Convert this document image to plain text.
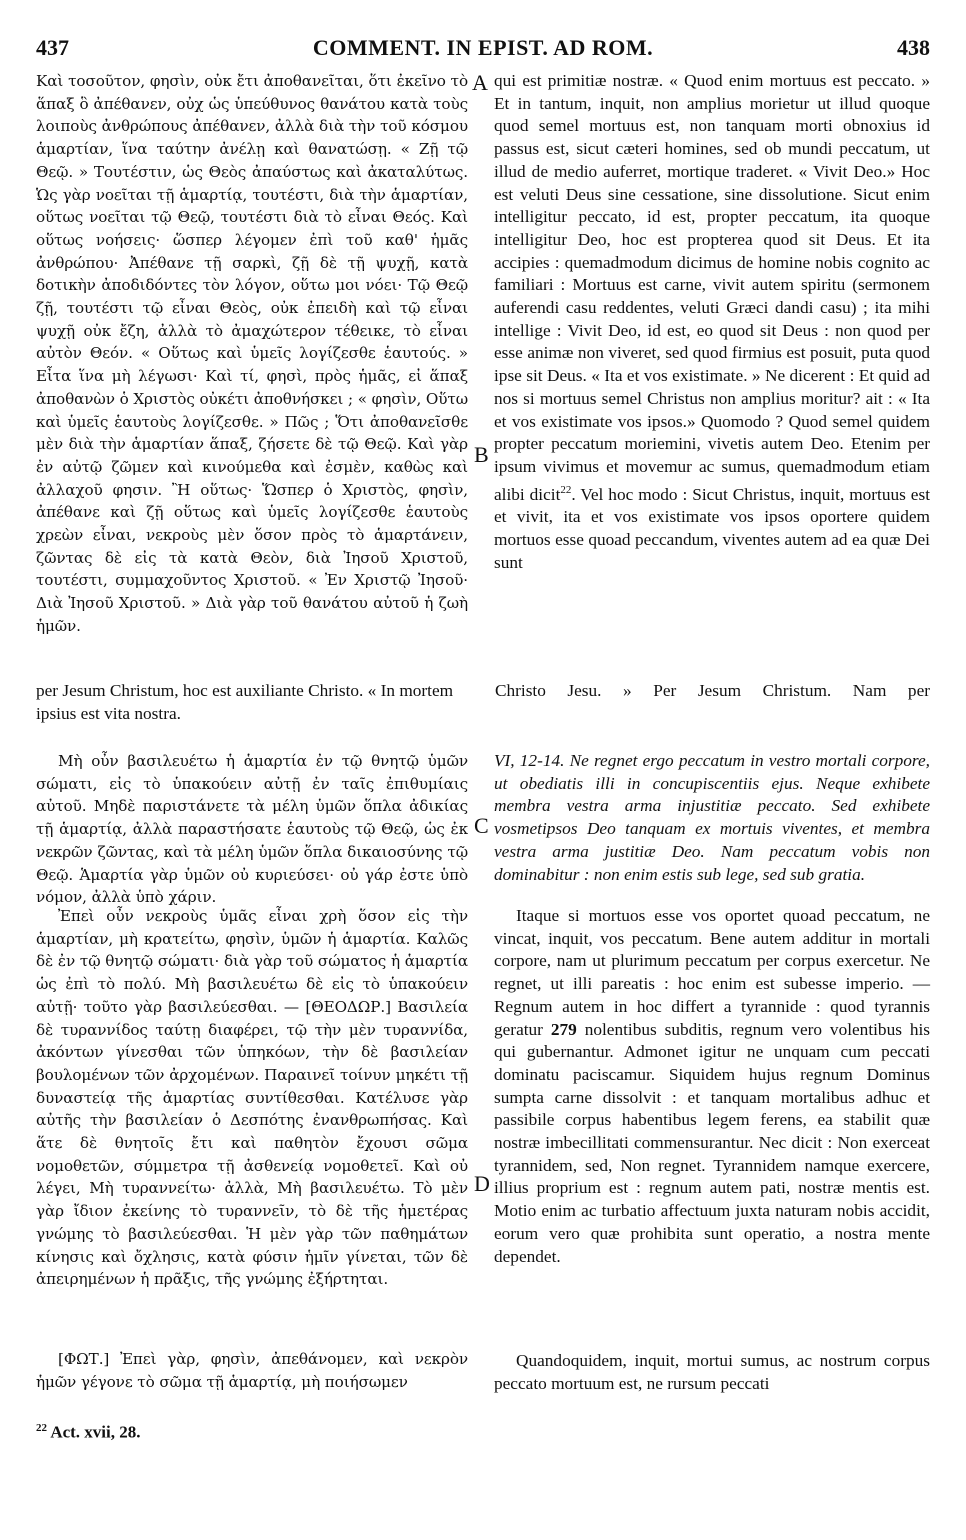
437	COMMENT. IN EPIST. AD ROM.	438

Καὶ τοσοῦτον, φησὶν, οὐκ ἔτι ἀποθανεῖται, ὅτι ἐκεῖνο τὸ ἅπαξ ὃ ἀπέθανεν, οὐχ ὡς ὑπεύθυνος θανάτου κατὰ τοὺς λοιποὺς ἀνθρώπους ἀπέθανεν, ἀλλὰ διὰ τὴν τοῦ κόσμου ἁμαρτίαν, ἵνα ταύτην ἀνέλῃ καὶ θανατώσῃ. « Ζῇ τῷ Θεῷ. » Τουτέστιν, ὡς Θεὸς ἀπαύστως καὶ ἀκαταλύτως. Ὡς γὰρ νοεῖται τῇ ἁμαρτίᾳ, τουτέστι, διὰ τὴν ἁμαρτίαν, οὕτως νοεῖται τῷ Θεῷ, τουτέστι διὰ τὸ εἶναι Θεός. Καὶ οὕτως νοήσεις· ὥσπερ λέγομεν ἐπὶ τοῦ καθ' ἡμᾶς ἀνθρώπου· Ἀπέθανε τῇ σαρκὶ, ζῇ δὲ τῇ ψυχῇ, κατὰ δοτικὴν ἀποδιδόντες τὸν λόγον, οὕτω μοι νόει· Τῷ Θεῷ ζῇ, τουτέστι τῷ εἶναι Θεὸς, οὐκ ἐπειδὴ καὶ τῷ εἶναι ψυχῇ οὐκ ἔζη, ἀλλὰ τὸ ἀμαχώτερον τέθεικε, τὸ εἶναι αὐτὸν Θεόν. « Οὕτως καὶ ὑμεῖς λογίζεσθε ἑαυτούς. » Εἶτα ἵνα μὴ λέγωσι· Καὶ τί, φησὶ, πρὸς ἡμᾶς, εἰ ἅπαξ ἀποθανὼν ὁ Χριστὸς οὐκέτι ἀποθνήσκει ; « φησὶν, Οὕτω καὶ ὑμεῖς ἑαυτοὺς λογίζεσθε. » Πῶς ; Ὅτι ἀποθανεῖσθε μὲν διὰ τὴν ἁμαρτίαν ἅπαξ, ζήσετε δὲ τῷ Θεῷ. Καὶ γὰρ ἐν αὐτῷ ζῶμεν καὶ κινούμεθα καὶ ἐσμὲν, καθὼς καὶ ἀλλαχοῦ φησιν. Ἢ οὕτως· Ὥσπερ ὁ Χριστὸς, φησὶν, ἀπέθανε καὶ ζῇ οὕτως καὶ ὑμεῖς λογίζεσθε ἑαυτοὺς χρεὼν εἶναι, νεκροὺς μὲν ὅσον πρὸς τὸ ἁμαρτάνειν, ζῶντας δὲ εἰς τὰ κατὰ Θεὸν, διὰ Ἰησοῦ Χριστοῦ, τουτέστι, συμμαχοῦντος Χριστοῦ. « Ἐν Χριστῷ Ἰησοῦ· Διὰ Ἰησοῦ Χριστοῦ. » Διὰ γὰρ τοῦ θανάτου αὐτοῦ ἡ ζωὴ ἡμῶν.

qui est primitiæ nostræ. « Quod enim mortuus est peccato. » Et in tantum, inquit, non amplius morietur ut illud quoque quod semel mortuus est, non tanquam morti obnoxius id passus est, sicut cæteri homines, sed ob mundi peccatum, ut illud de medio auferret, mortique traderet. « Vivit Deo.» Hoc est veluti Deus sine cessatione, sine dissolutione. Sicut enim intelligitur peccato, id est, propter peccatum, ita quoque intelligitur Deo, hoc est propterea quod sit Deus. Et ita accipies : quemadmodum dicimus de homine nobis cognito ac familiari : Mortuus est carne, vivit autem spiritu (sermonem auferendi casu reddentes, veluti Græci dandi casu) ; ita mihi intellige : Vivit Deo, id est, eo quod sit Deus : non quod per esse animæ non viveret, sed quod firmius est posuit, puta quod ipse sit Deus. « Ita et vos existimate. » Ne dicerent : Et quid ad nos si mortuus semel Christus non amplius moritur? ait : « Ita et vos existimate vos ipsos.» Quomodo ? Quod semel quidem propter peccatum moriemini, vivetis autem Deo. Etenim per ipsum vivimus et movemur ac sumus, quemadmodum etiam alibi dicit$^{22}$. Vel hoc modo : Sicut Christus, inquit, mortuus est et vivit, ita et vos existimate vos ipsos oportere quidem mortuos esse quoad peccandum, viventes autem ad ea quæ Dei sunt

per Jesum Christum, hoc est auxiliante Christo. « In mortem ipsius est vita nostra.
Christo Jesu. » Per Jesum Christum. Nam per

Μὴ οὖν βασιλευέτω ἡ ἁμαρτία ἐν τῷ θνητῷ ὑμῶν σώματι, εἰς τὸ ὑπακούειν αὐτῇ ἐν ταῖς ἐπιθυμίαις αὐτοῦ. Μηδὲ παριστάνετε τὰ μέλη ὑμῶν ὅπλα ἀδικίας τῇ ἁμαρτίᾳ, ἀλλὰ παραστήσατε ἑαυτοὺς τῷ Θεῷ, ὡς ἐκ νεκρῶν ζῶντας, καὶ τὰ μέλη ὑμῶν ὅπλα δικαιοσύνης τῷ Θεῷ. Ἁμαρτία γὰρ ὑμῶν οὐ κυριεύσει· οὐ γάρ ἐστε ὑπὸ νόμον, ἀλλὰ ὑπὸ χάριν.

VI, 12-14. Ne regnet ergo peccatum in vestro mortali corpore, ut obediatis illi in concupiscentiis ejus. Neque exhibete membra vestra arma injustitiæ peccato. Sed exhibete vosmetipsos Deo tanquam ex mortuis viventes, et membra vestra arma justitiæ Deo. Nam peccatum vobis non dominabitur : non enim estis sub lege, sed sub gratia.

Ἐπεὶ οὖν νεκροὺς ὑμᾶς εἶναι χρὴ ὅσον εἰς τὴν ἁμαρτίαν, μὴ κρατείτω, φησὶν, ὑμῶν ἡ ἁμαρτία. Καλῶς δὲ ἐν τῷ θνητῷ σώματι· διὰ γὰρ τοῦ σώματος ἡ ἁμαρτία ὡς ἐπὶ τὸ πολύ. Μὴ βασιλευέτω δὲ εἰς τὸ ὑπακούειν αὐτῇ· τοῦτο γὰρ βασιλεύεσθαι. — [ΘΕΟΔΩΡ.] Βασιλεία δὲ τυραννίδος ταύτῃ διαφέρει, τῷ τὴν μὲν τυραννίδα, ἀκόντων γίνεσθαι τῶν ὑπηκόων, τὴν δὲ βασιλείαν βουλομένων τῶν ἀρχομένων. Παραινεῖ τοίνυν μηκέτι τῇ δυναστείᾳ τῆς ἁμαρτίας συντίθεσθαι. Κατέλυσε γὰρ αὐτῆς τὴν βασιλείαν ὁ Δεσπότης ἐνανθρωπήσας. Καὶ ἅτε δὲ θνητοῖς ἔτι καὶ παθητὸν ἔχουσι σῶμα νομοθετῶν, σύμμετρα τῇ ἀσθενείᾳ νομοθετεῖ. Καὶ οὐ λέγει, Μὴ τυραννείτω· ἀλλὰ, Μὴ βασιλευέτω. Τὸ μὲν γὰρ ἴδιον ἐκείνης τὸ τυραννεῖν, τὸ δὲ τῆς ἡμετέρας γνώμης τὸ βασιλεύεσθαι. Ἡ μὲν γὰρ τῶν παθημάτων κίνησις καὶ ὄχλησις, κατὰ φύσιν ἡμῖν γίνεται, τῶν δὲ ἀπειρημένων ἡ πρᾶξις, τῆς γνώμης ἐξήρτηται.

Itaque si mortuos esse vos oportet quoad peccatum, ne vincat, inquit, vos peccatum. Bene autem additur in mortali corpore, nam ut plurimum peccatum per corpus exercetur. Ne regnet, ut illi pareatis : hoc enim est subesse imperio. — Regnum autem in hoc differt a tyrannide : quod tyrannis geratur 279 nolentibus subditis, regnum vero volentibus his qui gubernantur. Admonet igitur ne unquam cum peccati dominatu paciscamur. Siquidem hujus regnum Dominus sumpta carne dissolvit : et tanquam mortalibus adhuc et passibile corpus habentibus legem ferens, ea stabilit quæ nostræ imbecillitati commensurantur. Nec dicit : Non exerceat tyrannidem, sed, Non regnet. Tyrannidem namque exercere, illius proprium est : regnum autem pati, nostræ mentis est. Motio enim ac turbatio affectuum juxta naturam nobis accidit, eorum vero quæ prohibita sunt operatio, a nostra mente dependet.

[ΦΩΤ.] Ἐπεὶ γὰρ, φησὶν, ἀπεθάνομεν, καὶ νεκρὸν ἡμῶν γέγονε τὸ σῶμα τῇ ἁμαρτίᾳ, μὴ ποιήσωμεν

Quandoquidem, inquit, mortui sumus, ac nostrum corpus peccato mortuum est, ne rursum peccati

A
B
C
D
$^{22}$ Act. xvii, 28.
